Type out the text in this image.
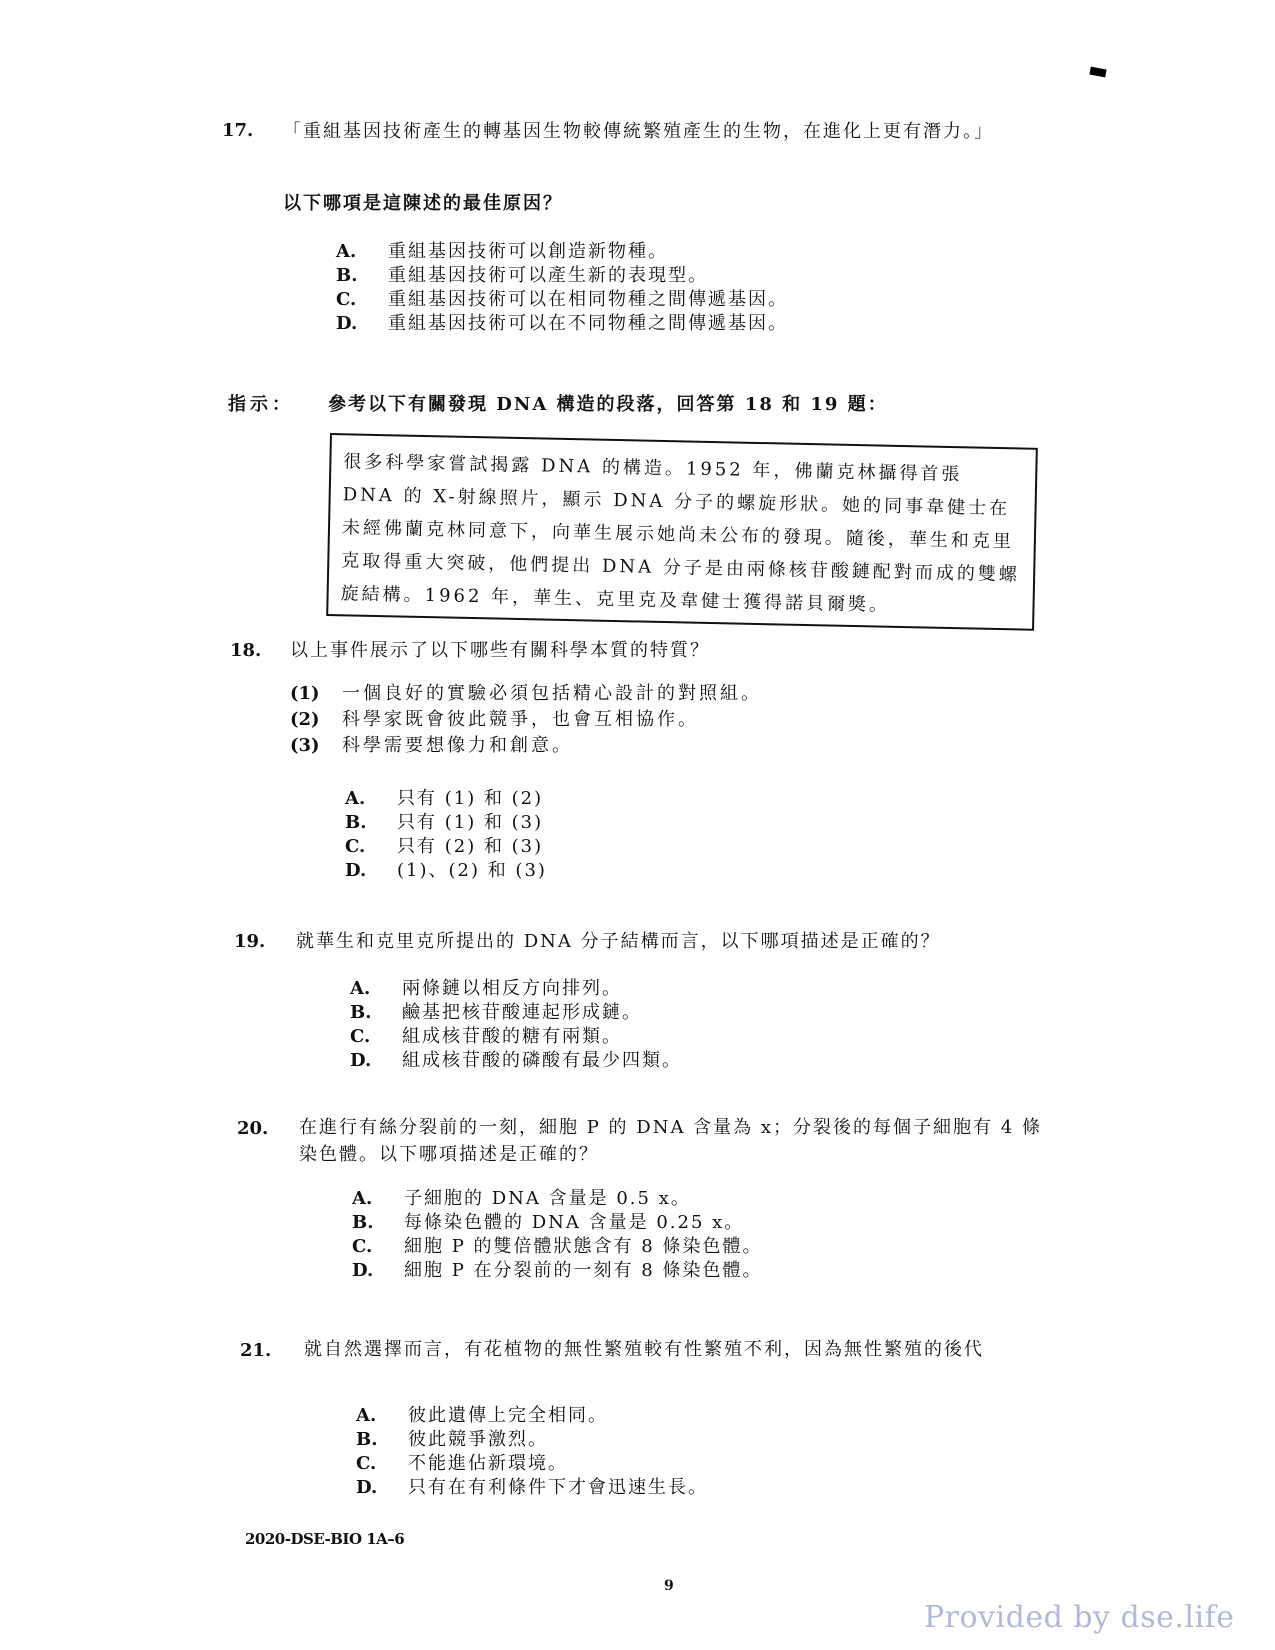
17. 「重組基因技術產生的轉基因生物較傳統繁殖產生的生物，在進化上更有潛力。」
以下哪項是這陳述的最佳原因？
A.	重組基因技術可以創造新物種。
B.	重組基因技術可以產生新的表現型。
C.	重組基因技術可以在相同物種之間傳遞基因。
D.	重組基因技術可以在不同物種之間傳遞基因。
指示：	參考以下有關發現 DNA 構造的段落，回答第 18 和 19 題：
很多科學家嘗試揭露 DNA 的構造。1952 年，佛蘭克林攝得首張 DNA 的 X-射線照片，顯示 DNA 分子的螺旋形狀。她的同事韋健士在未經佛蘭克林同意下，向華生展示她尚未公布的發現。隨後，華生和克里克取得重大突破，他們提出 DNA 分子是由兩條核苷酸鏈配對而成的雙螺旋結構。1962 年，華生、克里克及韋健士獲得諾貝爾獎。
18. 以上事件展示了以下哪些有關科學本質的特質？
(1)	一個良好的實驗必須包括精心設計的對照組。
(2)	科學家既會彼此競爭，也會互相協作。
(3)	科學需要想像力和創意。
A.	只有 (1) 和 (2)
B.	只有 (1) 和 (3)
C.	只有 (2) 和 (3)
D.	(1)、(2) 和 (3)
19. 就華生和克里克所提出的 DNA 分子結構而言，以下哪項描述是正確的？
A.	兩條鏈以相反方向排列。
B.	鹼基把核苷酸連起形成鏈。
C.	組成核苷酸的糖有兩類。
D.	組成核苷酸的磷酸有最少四類。
20. 在進行有絲分裂前的一刻，細胞 P 的 DNA 含量為 x；分裂後的每個子細胞有 4 條染色體。以下哪項描述是正確的？
A.	子細胞的 DNA 含量是 0.5 x。
B.	每條染色體的 DNA 含量是 0.25 x。
C.	細胞 P 的雙倍體狀態含有 8 條染色體。
D.	細胞 P 在分裂前的一刻有 8 條染色體。
21. 就自然選擇而言，有花植物的無性繁殖較有性繁殖不利，因為無性繁殖的後代
A.	彼此遺傳上完全相同。
B.	彼此競爭激烈。
C.	不能進佔新環境。
D.	只有在有利條件下才會迅速生長。
2020-DSE-BIO 1A–6
9
Provided by dse.life
